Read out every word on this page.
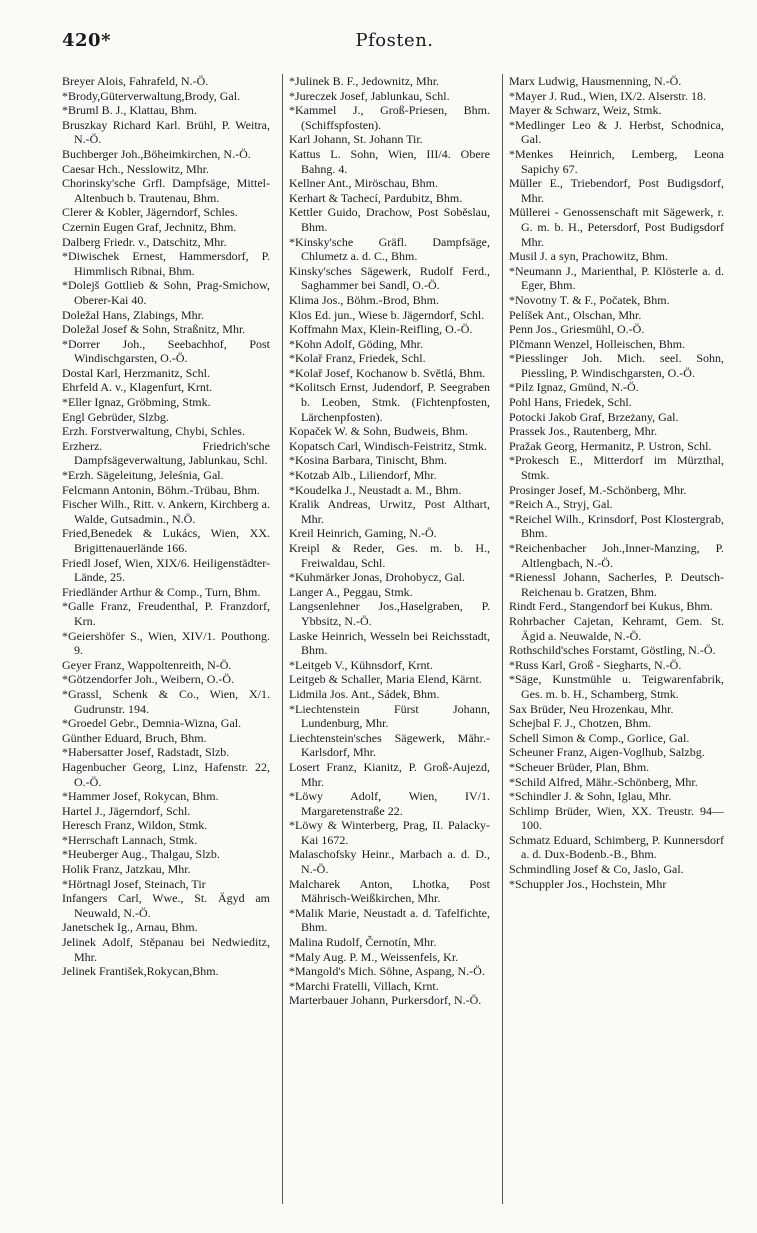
420*	Pfosten.

Breyer Alois, Fahrafeld, N.-Ö.

*Brody,Güterverwaltung,Brody, Gal.

*Bruml B. J., Klattau, Bhm.

Bruszkay Richard Karl. Brühl, P. Weitra, N.-Ö.

Buchberger Joh.,Böheimkirchen, N.-Ö.

Caesar Hch., Nesslowitz, Mhr.

Chorinsky'sche Grfl. Dampfsäge, Mittel-Altenbuch b. Trautenau, Bhm.

Clerer & Kobler, Jägerndorf, Schles.

Czernin Eugen Graf, Jechnitz, Bhm.

Dalberg Friedr. v., Datschitz, Mhr.

*Diwischek Ernest, Hammersdorf, P. Himmlisch Ribnai, Bhm.

*Dolejš Gottlieb & Sohn, Prag-Smichow, Oberer-Kai 40.

Doležal Hans, Zlabings, Mhr.

Doležal Josef & Sohn, Straßnitz, Mhr.

*Dorrer Joh., Seebachhof, Post Windischgarsten, O.-Ö.

Dostal Karl, Herzmanitz, Schl.

Ehrfeld A. v., Klagenfurt, Krnt.

*Eller Ignaz, Gröbming, Stmk.

Engl Gebrüder, Slzbg.

Erzh. Forstverwaltung, Chybi, Schles.

Erzherz. Friedrich'sche Dampfsägeverwaltung, Jablunkau, Schl.

*Erzh. Sägeleitung, Jeleśnia, Gal.

Felcmann Antonin, Böhm.-Trübau, Bhm.

Fischer Wilh., Ritt. v. Ankern, Kirchberg a. Walde, Gutsadmin., N.Ö.

Fried,Benedek & Lukács, Wien, XX. Brigittenauerlände 166.

Friedl Josef, Wien, XIX/6. Heiligenstädter-Lände, 25.

Friedländer Arthur & Comp., Turn, Bhm.

*Galle Franz, Freudenthal, P. Franzdorf, Krn.

*Geiershöfer S., Wien, XIV/1. Pouthong. 9.

Geyer Franz, Wappoltenreith, N-Ö.

*Götzendorfer Joh., Weibern, O.-Ö.

*Grassl, Schenk & Co., Wien, X/1. Gudrunstr. 194.

*Groedel Gebr., Demnia-Wizna, Gal.

Günther Eduard, Bruch, Bhm.

*Habersatter Josef, Radstadt, Slzb.

Hagenbucher Georg, Linz, Hafenstr. 22, O.-Ö.

*Hammer Josef, Rokycan, Bhm.

Hartel J., Jägerndorf, Schl.

Heresch Franz, Wildon, Stmk.

*Herrschaft Lannach, Stmk.

*Heuberger Aug., Thalgau, Slzb.

Holik Franz, Jatzkau, Mhr.

*Hörtnagl Josef, Steinach, Tir

Infangers Carl, Wwe., St. Ägyd am Neuwald, N.-Ö.

Janetschek Ig., Arnau, Bhm.

Jelinek Adolf, Stěpanau bei Nedwieditz, Mhr.

Jelinek František,Rokycan,Bhm.

*Julinek B. F., Jedownitz, Mhr.

*Jureczek Josef, Jablunkau, Schl.

*Kammel J., Groß-Priesen, Bhm. (Schiffspfosten).

Karl Johann, St. Johann Tir.

Kattus L. Sohn, Wien, III/4. Obere Bahng. 4.

Kellner Ant., Miröschau, Bhm.

Kerhart & Tachecí, Pardubitz, Bhm.

Kettler Guido, Drachow, Post Soběslau, Bhm.

*Kinsky'sche Gräfl. Dampfsäge, Chlumetz a. d. C., Bhm.

Kinsky'sches Sägewerk, Rudolf Ferd., Saghammer bei Sandl, O.-Ö.

Klima Jos., Böhm.-Brod, Bhm.

Klos Ed. jun., Wiese b. Jägerndorf, Schl.

Koffmahn Max, Klein-Reifling, O.-Ö.

*Kohn Adolf, Göding, Mhr.

*Kolař Franz, Friedek, Schl.

*Kolař Josef, Kochanow b. Světlá, Bhm.

*Kolitsch Ernst, Judendorf, P. Seegraben b. Leoben, Stmk. (Fichtenpfosten, Lärchenpfosten).

Kopaček W. & Sohn, Budweis, Bhm.

Kopatsch Carl, Windisch-Feistritz, Stmk.

*Kosina Barbara, Tinischt, Bhm.

*Kotzab Alb., Liliendorf, Mhr.

*Koudelka J., Neustadt a. M., Bhm.

Kralik Andreas, Urwitz, Post Althart, Mhr.

Kreil Heinrich, Gaming, N.-Ö.

Kreipl & Reder, Ges. m. b. H., Freiwaldau, Schl.

*Kuhmärker Jonas, Drohobycz, Gal.

Langer A., Peggau, Stmk.

Langsenlehner Jos.,Haselgraben, P. Ybbsitz, N.-Ö.

Laske Heinrich, Wesseln bei Reichsstadt, Bhm.

*Leitgeb V., Kühnsdorf, Krnt.

Leitgeb & Schaller, Maria Elend, Kärnt.

Lidmila Jos. Ant., Sádek, Bhm.

*Liechtenstein Fürst Johann, Lundenburg, Mhr.

Liechtenstein'sches Sägewerk, Mähr.-Karlsdorf, Mhr.

Losert Franz, Kianitz, P. Groß-Aujezd, Mhr.

*Löwy Adolf, Wien, IV/1. Margaretenstraße 22.

*Löwy & Winterberg, Prag, II. Palacky-Kai 1672.

Malaschofsky Heinr., Marbach a. d. D., N.-Ö.

Malcharek Anton, Lhotka, Post Mährisch-Weißkirchen, Mhr.

*Malik Marie, Neustadt a. d. Tafelfichte, Bhm.

Malina Rudolf, Černotín, Mhr.

*Maly Aug. P. M., Weissenfels, Kr.

*Mangold's Mich. Söhne, Aspang, N.-Ö.

*Marchi Fratelli, Villach, Krnt.

Marterbauer Johann, Purkersdorf, N.-Ö.

Marx Ludwig, Hausmenning, N.-Ö.

*Mayer J. Rud., Wien, IX/2. Alserstr. 18.

Mayer & Schwarz, Weiz, Stmk.

*Medlinger Leo & J. Herbst, Schodnica, Gal.

*Menkes Heinrich, Lemberg, Leona Sapichy 67.

Müller E., Triebendorf, Post Budigsdorf, Mhr.

Müllerei - Genossenschaft mit Sägewerk, r. G. m. b. H., Petersdorf, Post Budigsdorf Mhr.

Musil J. a syn, Prachowitz, Bhm.

*Neumann J., Marienthal, P. Klösterle a. d. Eger, Bhm.

*Novotny T. & F., Počatek, Bhm.

Pelíšek Ant., Olschan, Mhr.

Penn Jos., Griesmühl, O.-Ö.

Plčmann Wenzel, Holleischen, Bhm.

*Piesslinger Joh. Mich. seel. Sohn, Piessling, P. Windischgarsten, O.-Ö.

*Pilz Ignaz, Gmünd, N.-Ö.

Pohl Hans, Friedek, Schl.

Potocki Jakob Graf, Brzeżany, Gal.

Prassek Jos., Rautenberg, Mhr.

Pražak Georg, Hermanitz, P. Ustron, Schl.

*Prokesch E., Mitterdorf im Mürzthal, Stmk.

Prosinger Josef, M.-Schönberg, Mhr.

*Reich A., Stryj, Gal.

*Reichel Wilh., Krinsdorf, Post Klostergrab, Bhm.

*Reichenbacher Joh.,Inner-Manzing, P. Altlengbach, N.-Ö.

*Rienessl Johann, Sacherles, P. Deutsch-Reichenau b. Gratzen, Bhm.

Rindt Ferd., Stangendorf bei Kukus, Bhm.

Rohrbacher Cajetan, Kehramt, Gem. St. Ägid a. Neuwalde, N.-Ö.

Rothschild'sches Forstamt, Göstling, N.-Ö.

*Russ Karl, Groß - Siegharts, N.-Ö.

*Säge, Kunstmühle u. Teigwarenfabrik, Ges. m. b. H., Schamberg, Stmk.

Sax Brüder, Neu Hrozenkau, Mhr.

Schejbal F. J., Chotzen, Bhm.

Schell Simon & Comp., Gorlice, Gal.

Scheuner Franz, Aigen-Voglhub, Salzbg.

*Scheuer Brüder, Plan, Bhm.

*Schild Alfred, Mähr.-Schönberg, Mhr.

*Schindler J. & Sohn, Iglau, Mhr.

Schlimp Brüder, Wien, XX. Treustr. 94—100.

Schmatz Eduard, Schimberg, P. Kunnersdorf a. d. Dux-Bodenb.-B., Bhm.

Schmindling Josef & Co, Jaslo, Gal.

*Schuppler Jos., Hochstein, Mhr
